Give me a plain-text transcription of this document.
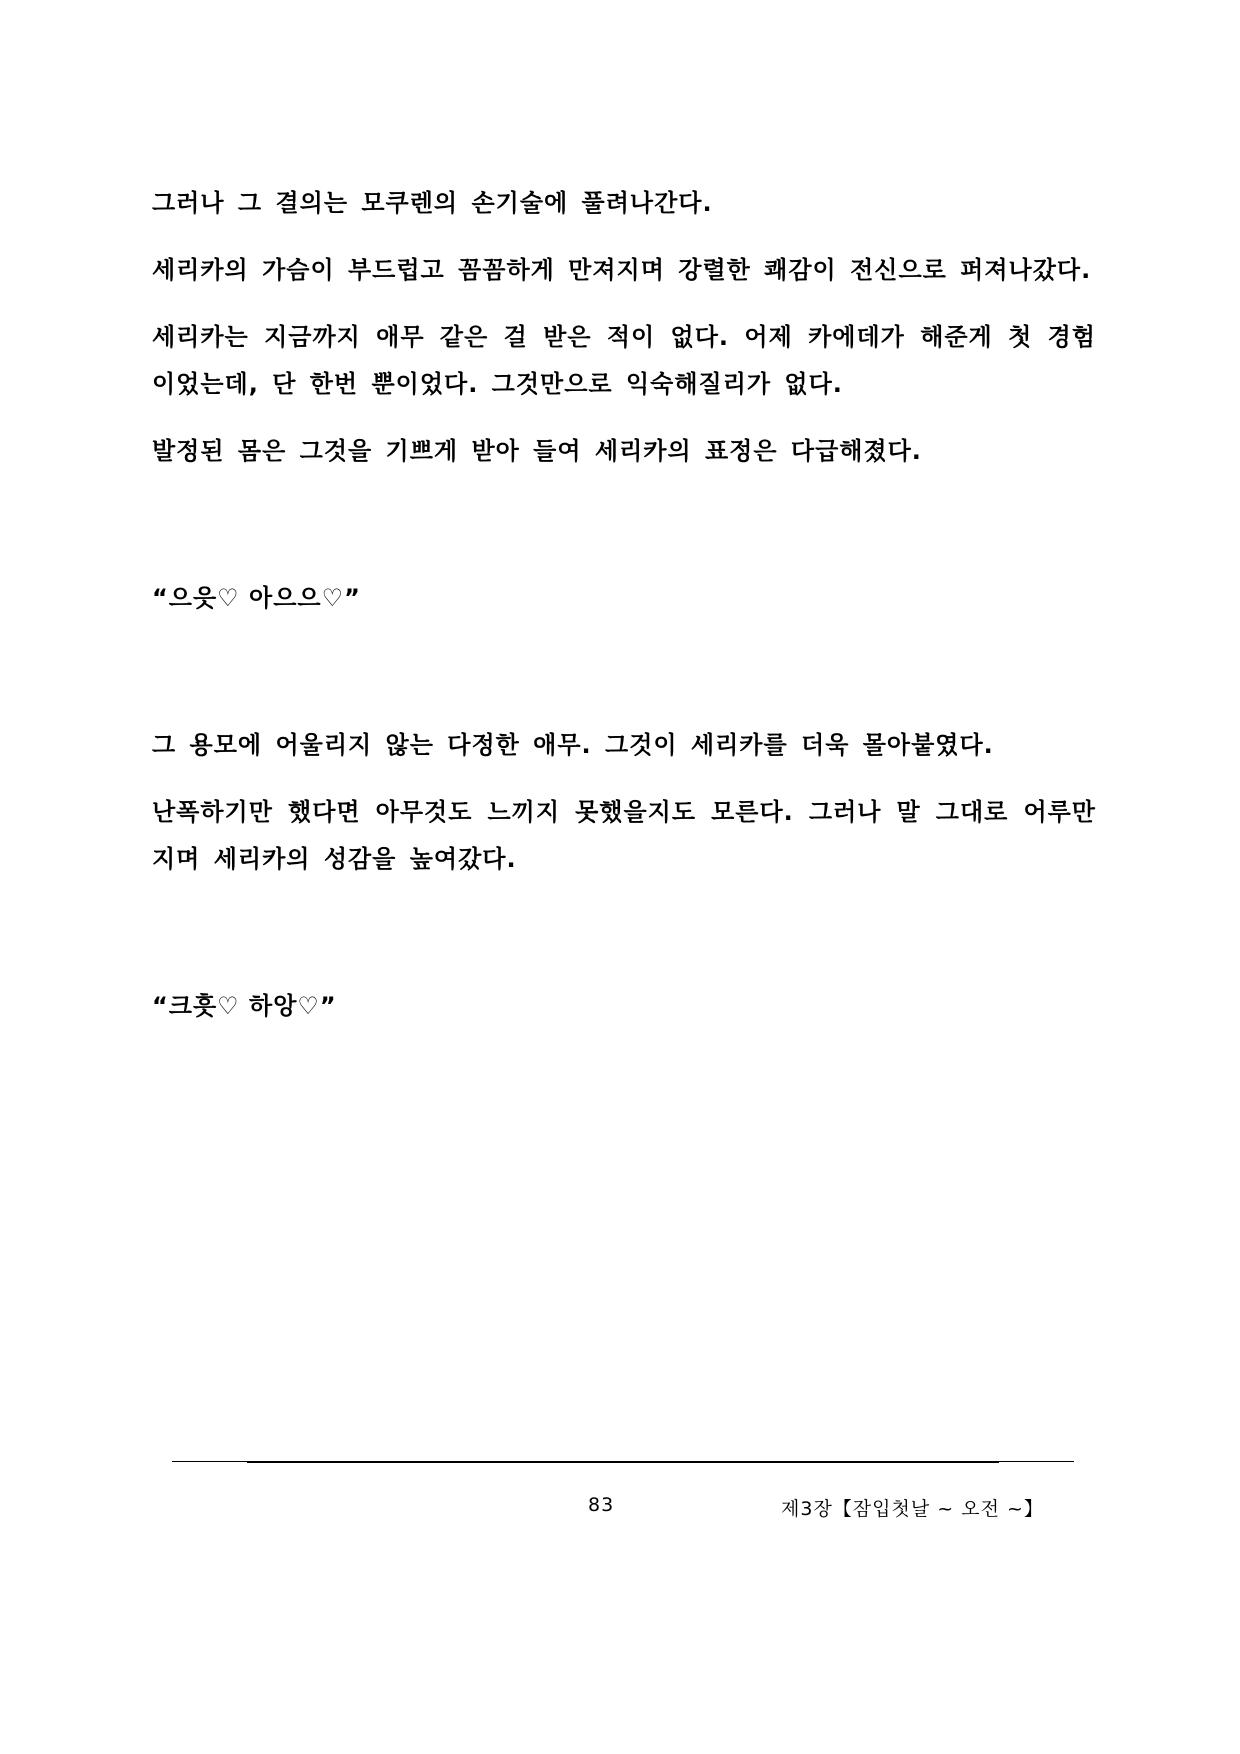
그러나 그 결의는 모쿠렌의 손기술에 풀려나간다.

세리카의 가슴이 부드럽고 꼼꼼하게 만져지며 강렬한 쾌감이 전신으로 퍼져나갔다.

세리카는 지금까지 애무 같은 걸 받은 적이 없다. 어제 카에데가 해준게 첫 경험이었는데, 단 한번 뿐이었다. 그것만으로 익숙해질리가 없다.

발정된 몸은 그것을 기쁘게 받아 들여 세리카의 표정은 다급해졌다.

“으읏♡ 아으으♡”

그 용모에 어울리지 않는 다정한 애무. 그것이 세리카를 더욱 몰아붙였다.

난폭하기만 했다면 아무것도 느끼지 못했을지도 모른다. 그러나 말 그대로 어루만지며 세리카의 성감을 높여갔다.

“크흣♡ 하앙♡”

83	제3장【잠입첫날 ~ 오전 ~】
